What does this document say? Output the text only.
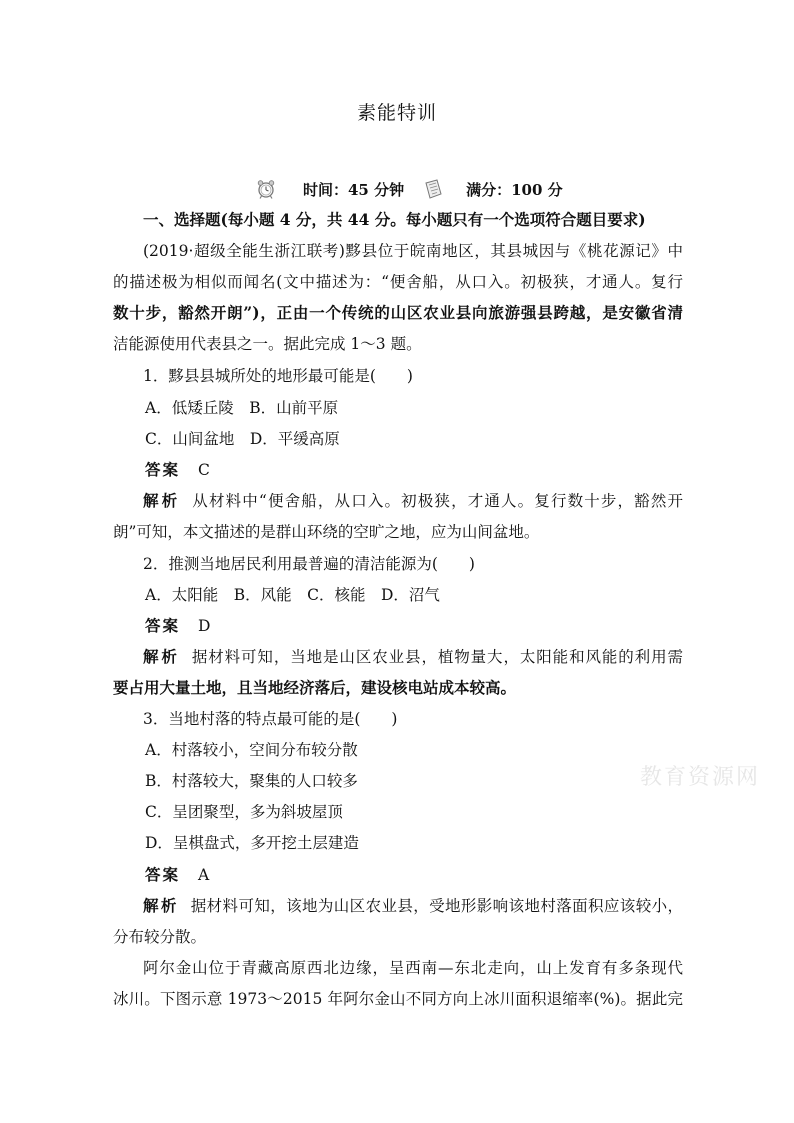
素能特训
时间：45 分钟	满分：100 分
一、选择题(每小题 4 分，共 44 分。每小题只有一个选项符合题目要求)
(2019·超级全能生浙江联考)黟县位于皖南地区，其县城因与《桃花源记》中
的描述极为相似而闻名(文中描述为：“便舍船，从口入。初极狭，才通人。复行
数十步，豁然开朗”)，正由一个传统的山区农业县向旅游强县跨越，是安徽省清
洁能源使用代表县之一。据此完成 1～3 题。
1．黟县县城所处的地形最可能是(　　)
A．低矮丘陵　B．山前平原
C．山间盆地　D．平缓高原
答案 C
解析 从材料中“便舍船，从口入。初极狭，才通人。复行数十步，豁然开
朗”可知，本文描述的是群山环绕的空旷之地，应为山间盆地。
2．推测当地居民利用最普遍的清洁能源为(　　)
A．太阳能　B．风能　C．核能　D．沼气
答案 D
解析 据材料可知，当地是山区农业县，植物量大，太阳能和风能的利用需
要占用大量土地，且当地经济落后，建设核电站成本较高。
3．当地村落的特点最可能的是(　　)
A．村落较小，空间分布较分散
B．村落较大，聚集的人口较多
C．呈团聚型，多为斜坡屋顶
D．呈棋盘式，多开挖土层建造
答案 A
解析 据材料可知，该地为山区农业县，受地形影响该地村落面积应该较小，
分布较分散。
阿尔金山位于青藏高原西北边缘，呈西南—东北走向，山上发育有多条现代
冰川。下图示意 1973～2015 年阿尔金山不同方向上冰川面积退缩率(%)。据此完
教育资源网
